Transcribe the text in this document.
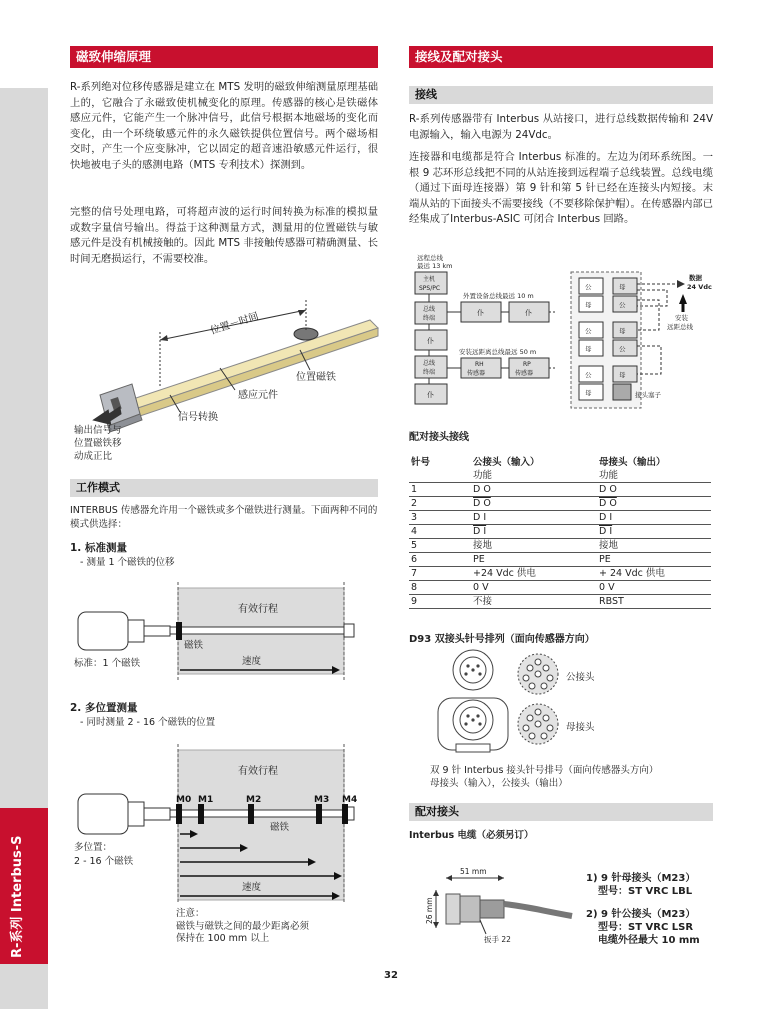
R-系列 Interbus-S
磁致伸缩原理
R-系列绝对位移传感器是建立在 MTS 发明的磁致伸缩测量原理基础上的，它融合了永磁致使机械变化的原理。传感器的核心是铁磁体感应元件，它能产生一个脉冲信号，此信号根据本地磁场的变化而变化，由一个环绕敏感元件的永久磁铁提供位置信号。两个磁场相交时，产生一个应变脉冲，它以固定的超音速沿敏感元件运行，很快地被电子头的感测电路（MTS 专利技术）探测到。
完整的信号处理电路，可将超声波的运行时间转换为标准的模拟量或数字量信号输出。得益于这种测量方式，测量用的位置磁铁与敏感元件是没有机械接触的。因此 MTS 非接触传感器可精确测量、长时间无磨损运行，不需要校准。
位置－时间
位置磁铁
感应元件
信号转换
输出信号与
位置磁铁移
动成正比
工作模式
INTERBUS 传感器允许用一个磁铁或多个磁铁进行测量。下面两种不同的模式供选择：
1. 标准测量
- 测量 1 个磁铁的位移
有效行程
磁铁
速度
标准：1 个磁铁
2. 多位置测量
- 同时测量 2 - 16 个磁铁的位置
有效行程
M0 M1	M2	M3 M4
磁铁
速度
多位置：
2 - 16 个磁铁
注意：
磁铁与磁铁之间的最少距离必须
保持在 100 mm 以上
接线及配对接头
接线
R-系列传感器带有 Interbus 从站接口，进行总线数据传输和 24V 电源输入，输入电源为 24Vdc。
连接器和电缆都是符合 Interbus 标准的。左边为闭环系统图。一根 9 芯环形总线把不同的从站连接到远程端子总线装置。总线电缆（通过下面母连接器）第 9 针和第 5 针已经在连接头内短接。末端从站的下面接头不需要接线（不要移除保护帽）。在传感器内部已经集成了Interbus-ASIC 可闭合 Interbus 回路。
远程总线
最远 13 km
主机
SPS/PC
总线
终端
仆
总线
终端
仆
外置设备总线最远 10 m
仆	仆
安装远距离总线最远 50 m
RH
传感器
RP
传感器
公	母
母	公
公	母
母	公
公	母
母
数据
24 Vdc
安装
远距总线
接头塞子
配对接头接线
针号	公接头（输入）	母接头（输出）
	功能	功能
1	D O	D O
2	D O	D O
3	D I	D I
4	D I	D I
5	接地	接地
6	PE	PE
7	+24 Vdc 供电	+ 24 Vdc 供电
8	0 V	0 V
9	不接	RBST
D93 双接头针号排列（面向传感器方向）
公接头
母接头
双 9 针 Interbus 接头针号排号（面向传感器头方向）
母接头（输入），公接头（输出）
配对接头
Interbus 电缆（必须另订）
51 mm
26 mm
扳手 22
1) 9 针母接头（M23）
型号：ST VRC LBL
2) 9 针公接头（M23）
型号：ST VRC LSR
电缆外径最大 10 mm
32
